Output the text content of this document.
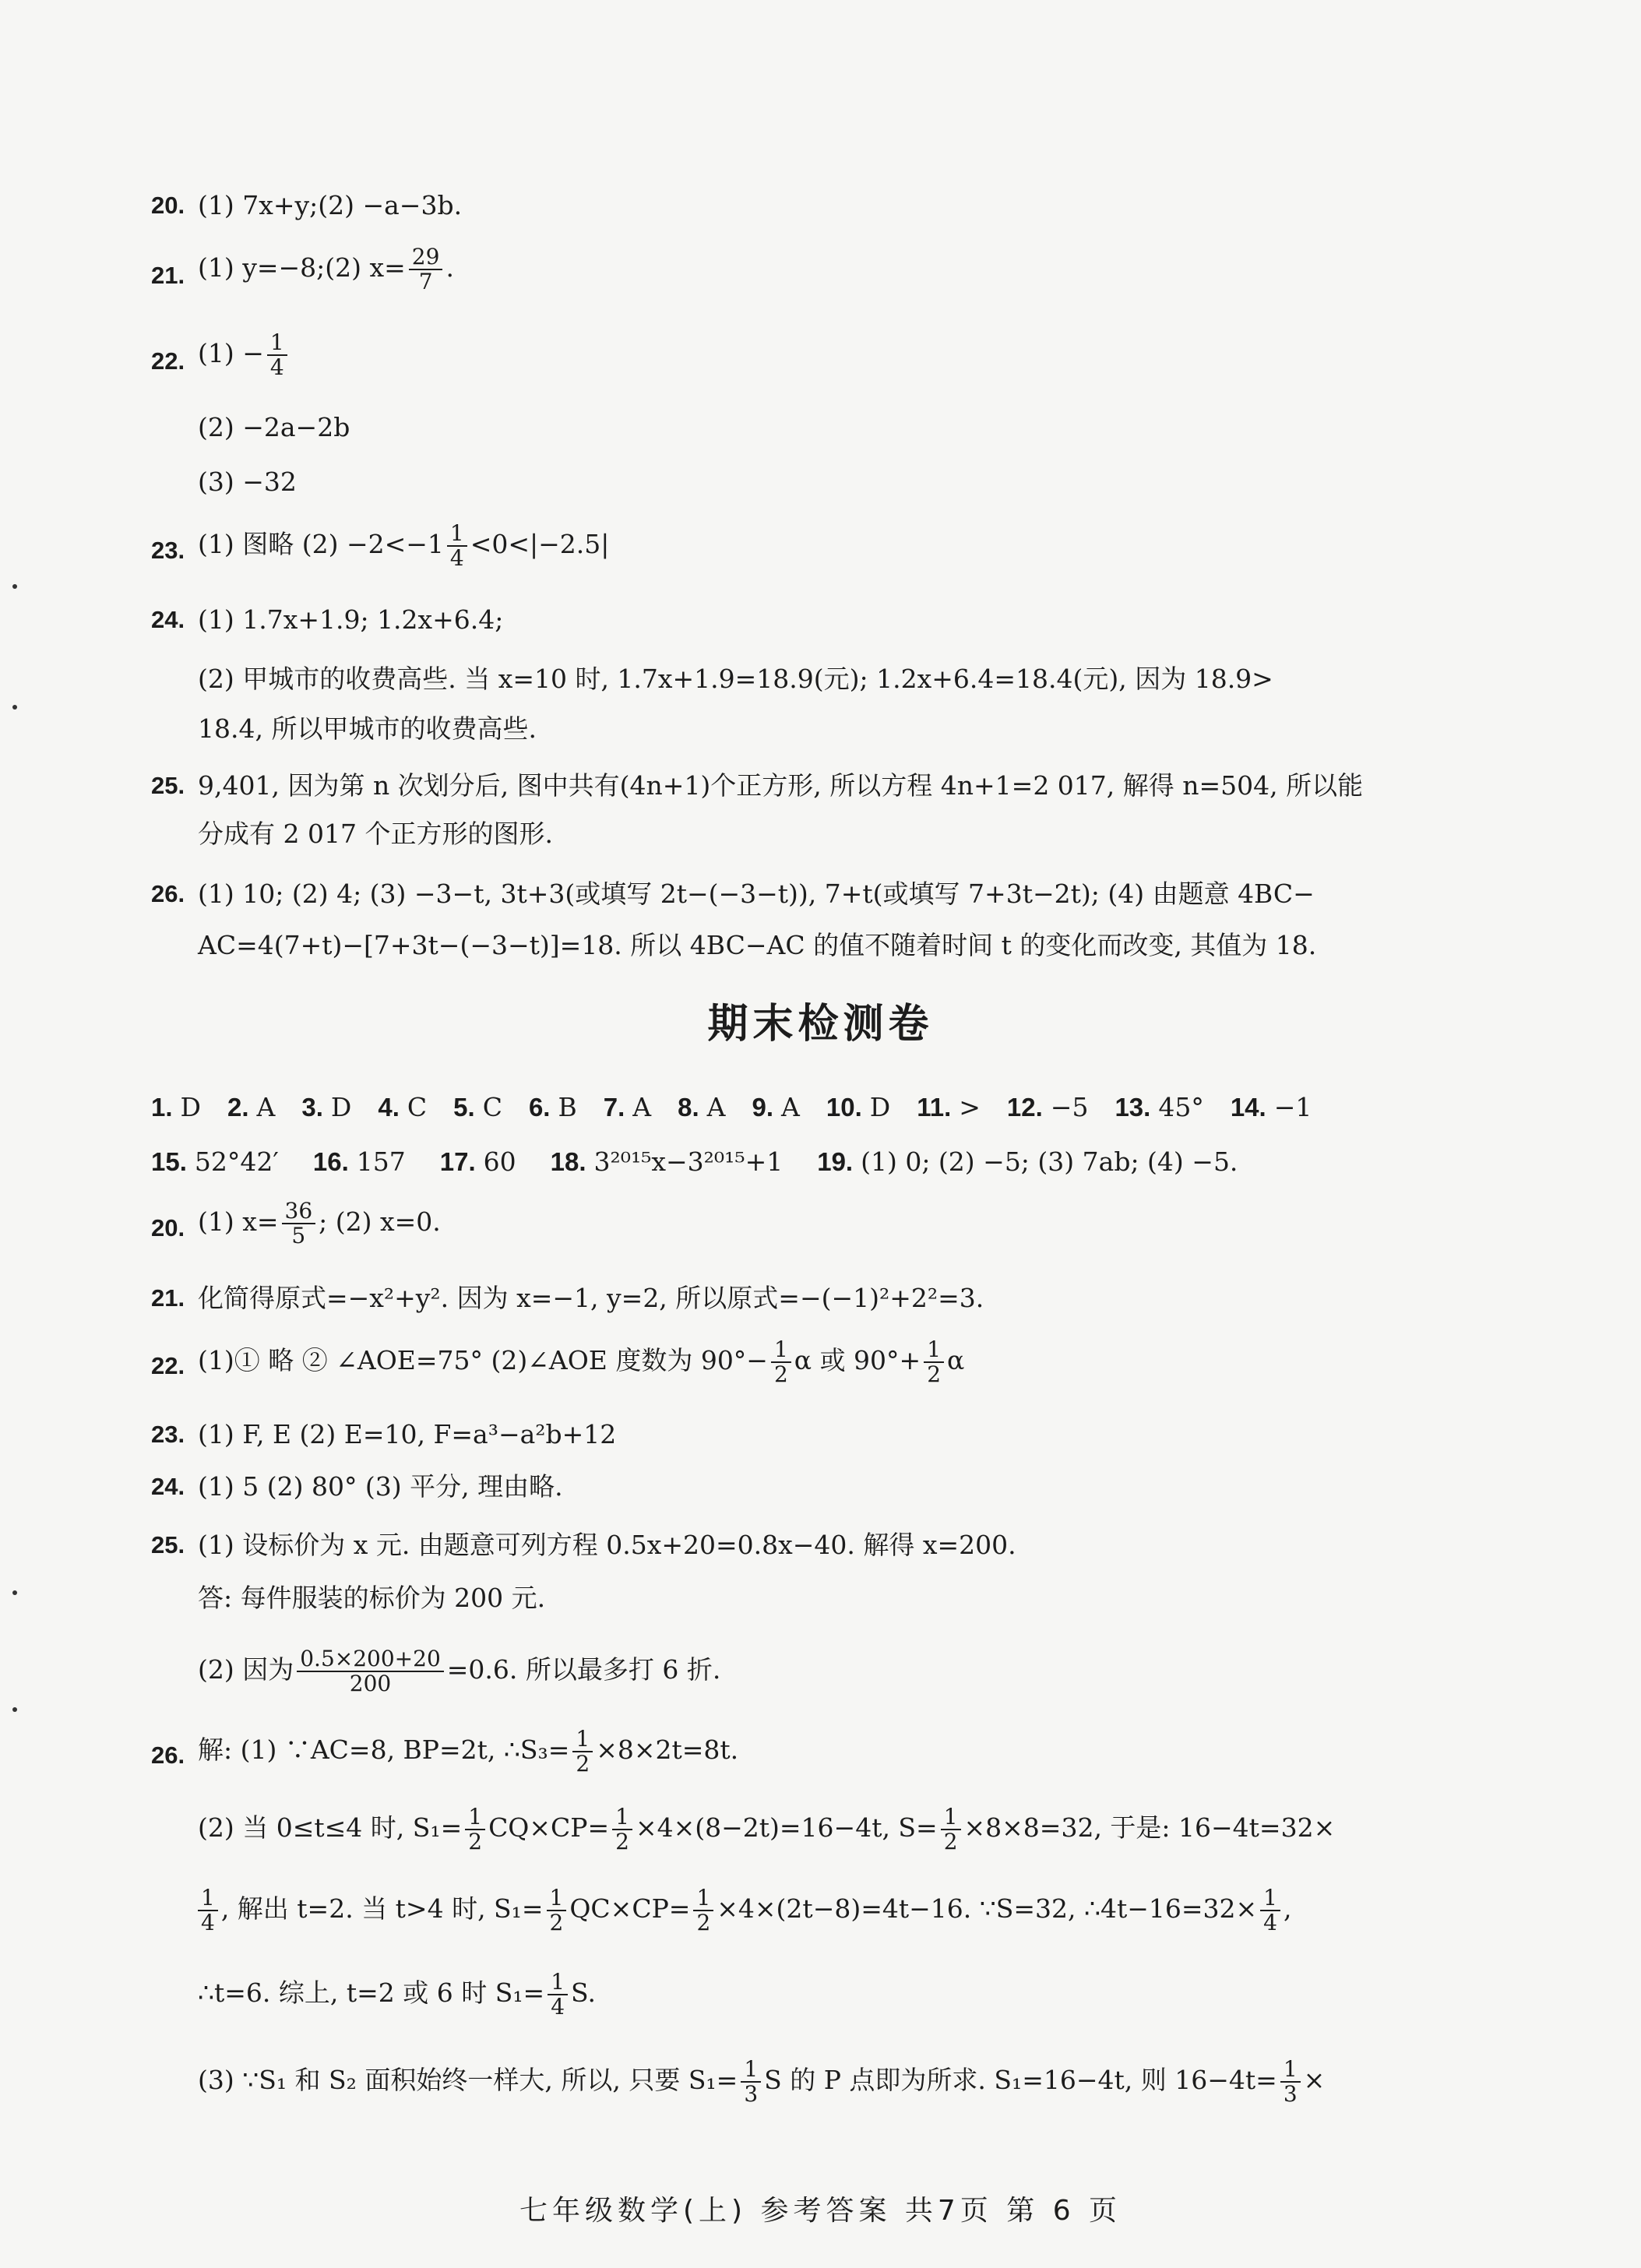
20. (1) 7x+y;(2) −a−3b.
21. (1) y=−8;(2) $x= \frac{29}{7}$ .
22. $(1) - \frac{1}{4}$
(2) −2a−2b
(3) −32
23. (1) 图略 $(2) -2<-1 \frac{1}{4} <0<|-2.5|$
24. (1) 1.7x+1.9; 1.2x+6.4;
(2) 甲城市的收费高些. 当 x=10 时, 1.7x+1.9=18.9(元); 1.2x+6.4=18.4(元), 因为 18.9>
18.4, 所以甲城市的收费高些.
25. 9,401, 因为第 n 次划分后, 图中共有(4n+1)个正方形, 所以方程 4n+1=2 017, 解得 n=504, 所以能
分成有 2 017 个正方形的图形.
26. (1) 10; (2) 4; (3) −3−t, 3t+3(或填写 2t−(−3−t)), 7+t(或填写 7+3t−2t); (4) 由题意 4BC−
AC=4(7+t)−[7+3t−(−3−t)]=18. 所以 4BC−AC 的值不随着时间 t 的变化而改变, 其值为 18.
期末检测卷
1. D 2. A 3. D 4. C 5. C 6. B 7. A 8. A 9. A 10. D 11. > 12. −5 13. 45° 14. −1
15. 52°42′ 16. 157 17. 60 18. 3²⁰¹⁵x−3²⁰¹⁵+1 19. (1) 0; (2) −5; (3) 7ab; (4) −5.
20. (1) $x= \frac{36}{5}$ ; (2) x=0.
21. 化简得原式=−x²+y². 因为 x=−1, y=2, 所以原式=−(−1)²+2²=3.
22. (1)① 略 ② ∠AOE=75° (2)∠AOE 度数为 $90^\circ- \frac{1}{2}$ α 或 $90^\circ+ \frac{1}{2}$ α
23. (1) F, E (2) E=10, F=a³−a²b+12
24. (1) 5 (2) 80° (3) 平分, 理由略.
25. (1) 设标价为 x 元. 由题意可列方程 0.5x+20=0.8x−40. 解得 x=200.
答: 每件服装的标价为 200 元.
(2) 因为 $\frac{0.5\times 200+20}{200} =0.6$. 所以最多打 6 折.
26. 解: (1) ∵AC=8, BP=2t, ∴S₃= $\frac{1}{2} \times 8\times 2t=8t$.
(2) 当 0≤t≤4 时, $S_1= \frac{1}{2} CQ\times CP= \frac{1}{2} \times 4\times(8-2t)=16-4t$, $S= \frac{1}{2} \times 8\times 8=32$, 于是: 16−4t=32×
$\frac{1}{4}$ , 解出 t=2. 当 t>4 时, $S_1= \frac{1}{2} QC\times CP= \frac{1}{2} \times 4\times(2t-8)=4t-16$. ∵S=32, ∴4t−16=32× $\frac{1}{4}$ ,
∴t=6. 综上, t=2 或 6 时 $S_1= \frac{1}{4} S$.
(3) ∵S₁ 和 S₂ 面积始终一样大, 所以, 只要 $S_1= \frac{1}{3}$ S 的 P 点即为所求. S₁=16−4t, 则 $16-4t= \frac{1}{3}$ ×
七年级数学(上) 参考答案 共7页 第 6 页
